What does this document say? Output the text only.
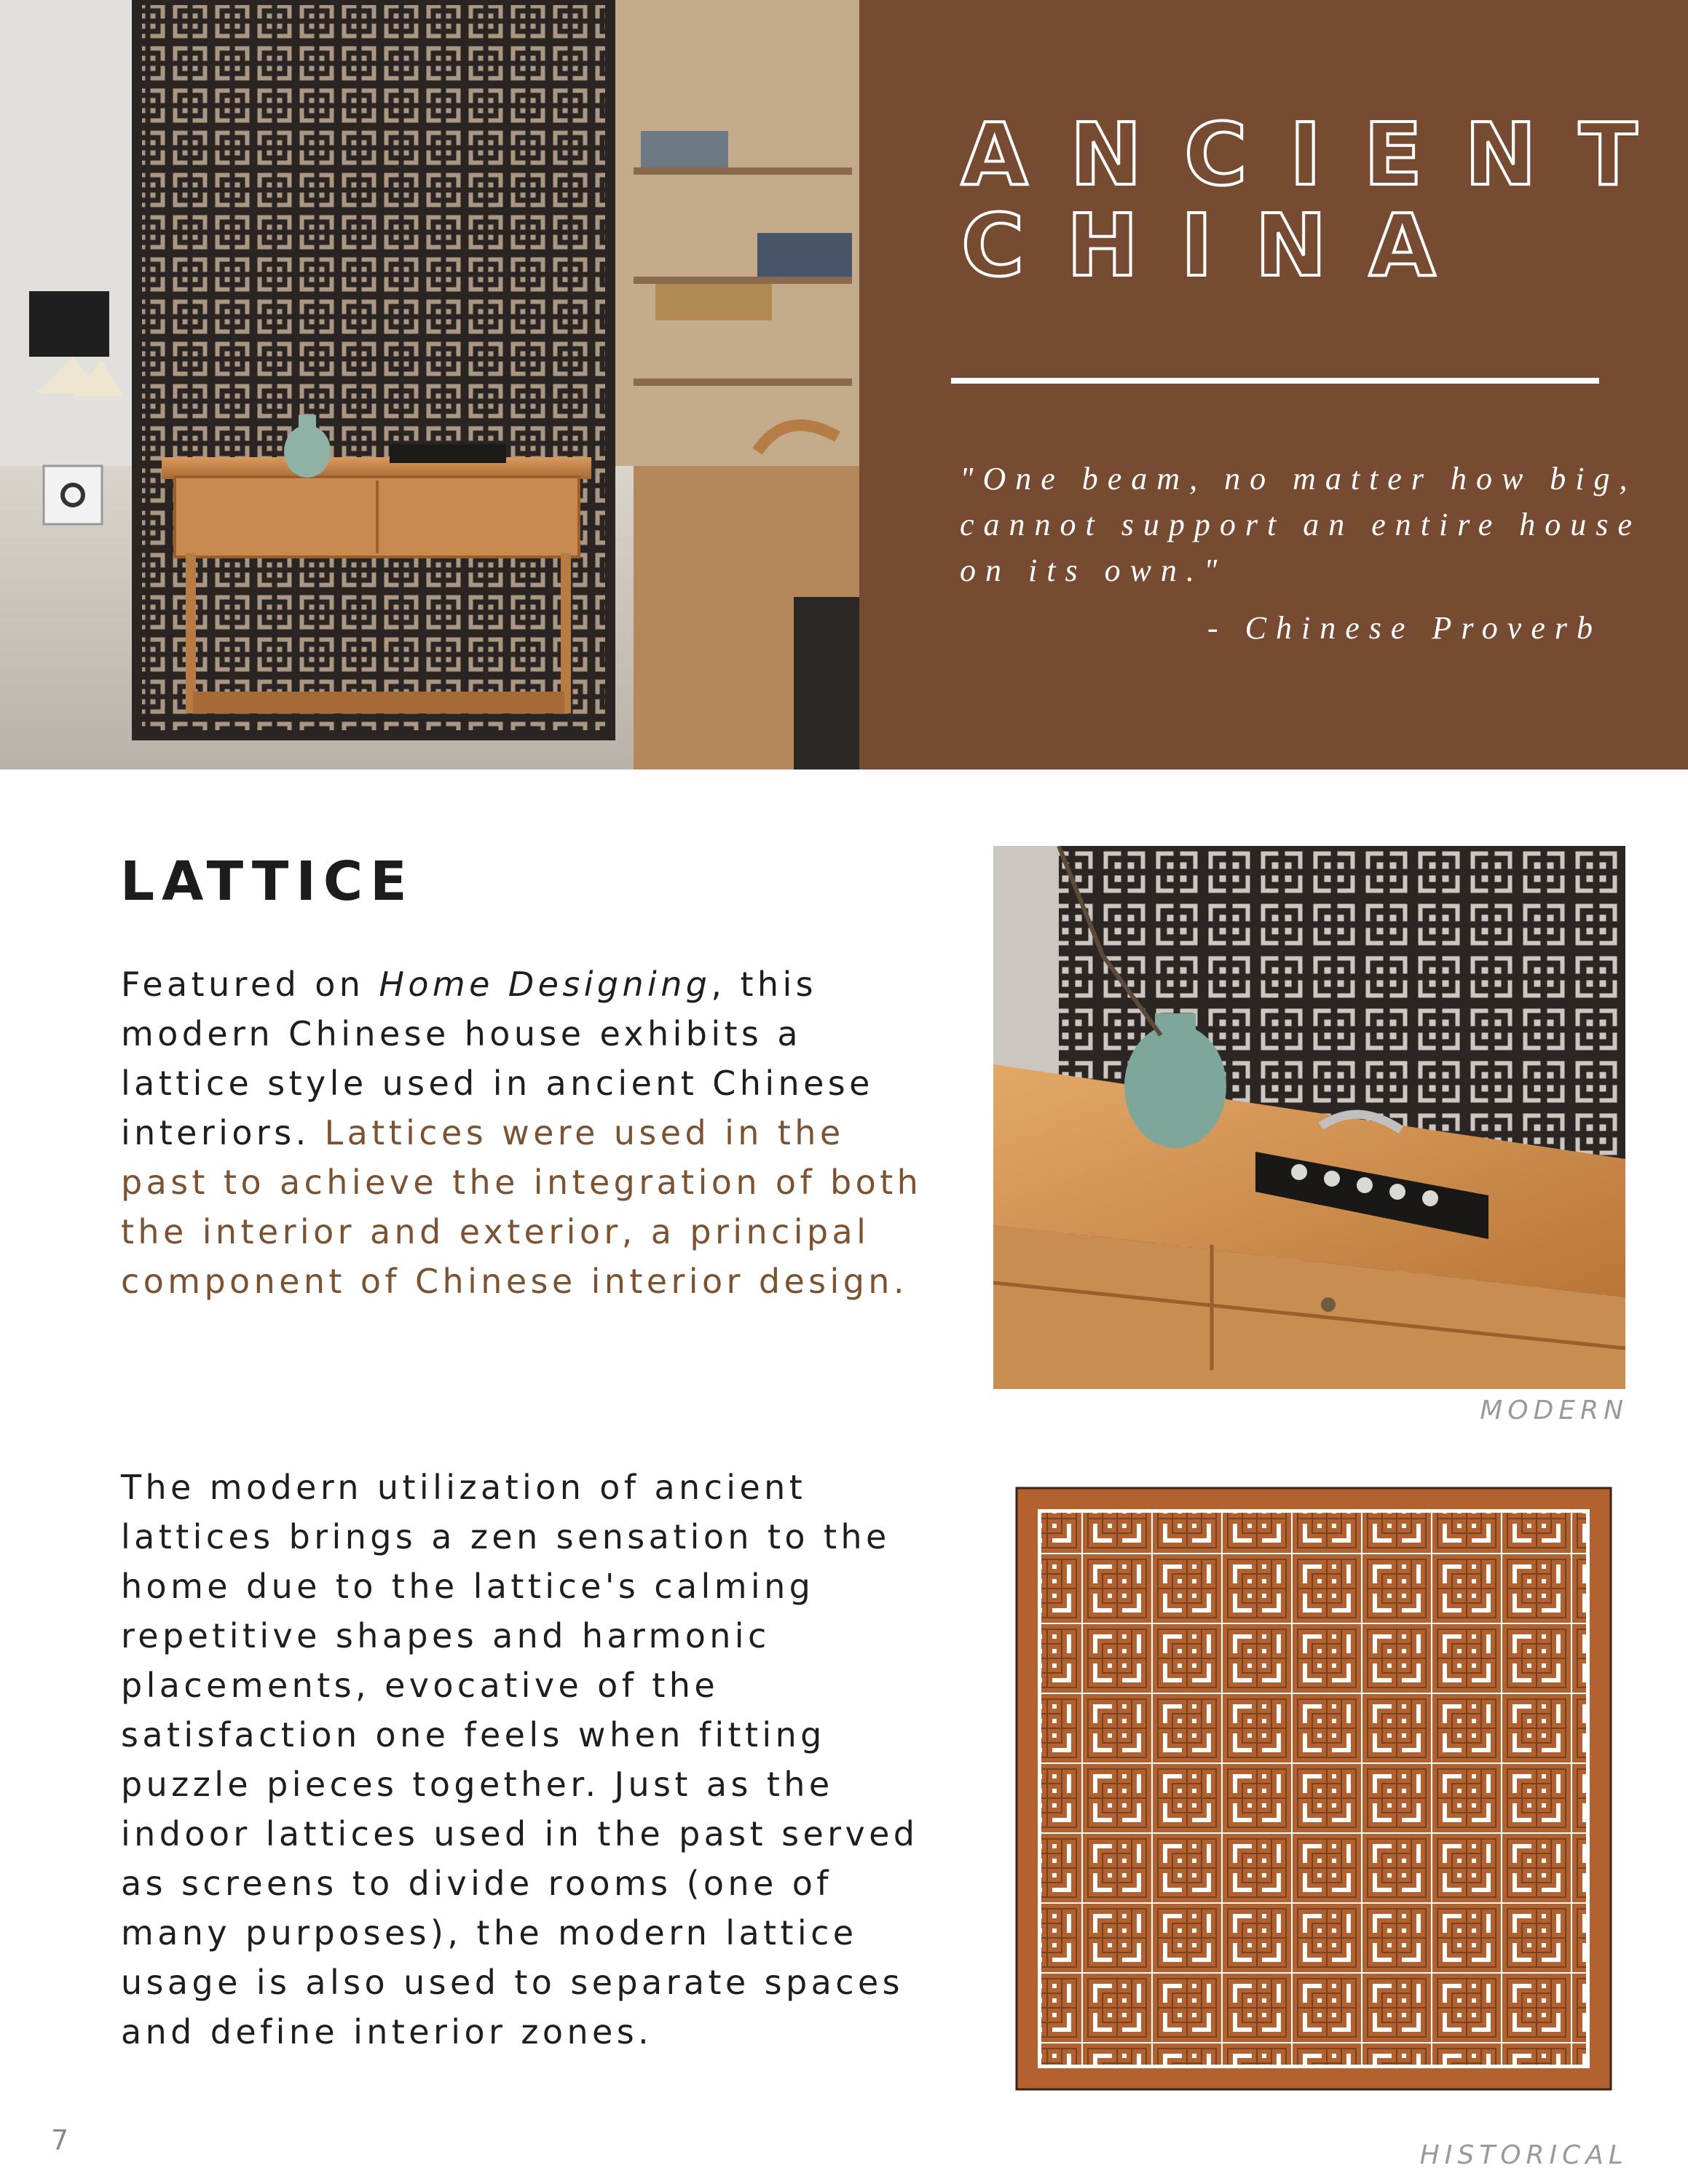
ANCIENT
CHINA
"One beam, no matter how big,
cannot support an entire house
on its own."
- Chinese Proverb
LATTICE

Featured on Home Designing, this modern Chinese house exhibits a lattice style used in ancient Chinese interiors. Lattices were used in the past to achieve the integration of both the interior and exterior, a principal component of Chinese interior design.

The modern utilization of ancient lattices brings a zen sensation to the home due to the lattice's calming repetitive shapes and harmonic placements, evocative of the satisfaction one feels when fitting puzzle pieces together. Just as the indoor lattices used in the past served as screens to divide rooms (one of many purposes), the modern lattice usage is also used to separate spaces and define interior zones.

MODERN
HISTORICAL
7
